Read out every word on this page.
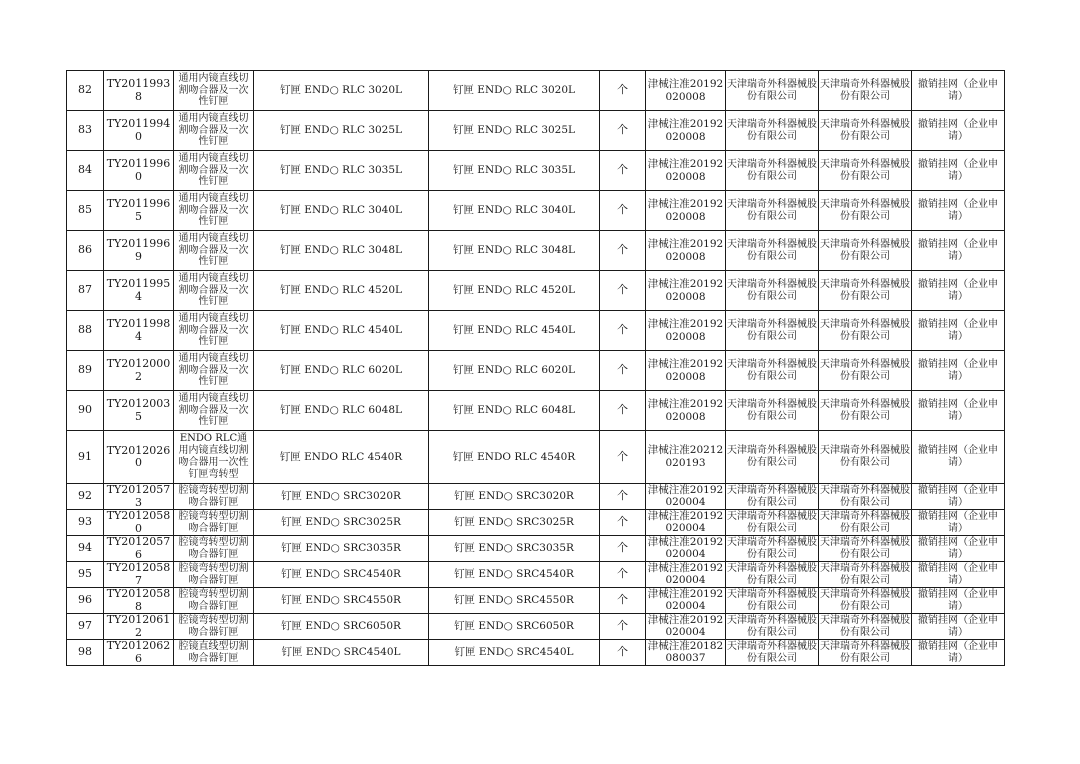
82	TY20119938	通用内镜直线切割吻合器及一次性钉匣	钉匣 END○ RLC 3020L	钉匣 END○ RLC 3020L	个	津械注准20192020008	天津瑞奇外科器械股份有限公司	天津瑞奇外科器械股份有限公司	撤销挂网（企业申请）
83	TY20119940	通用内镜直线切割吻合器及一次性钉匣	钉匣 END○ RLC 3025L	钉匣 END○ RLC 3025L	个	津械注准20192020008	天津瑞奇外科器械股份有限公司	天津瑞奇外科器械股份有限公司	撤销挂网（企业申请）
84	TY20119960	通用内镜直线切割吻合器及一次性钉匣	钉匣 END○ RLC 3035L	钉匣 END○ RLC 3035L	个	津械注准20192020008	天津瑞奇外科器械股份有限公司	天津瑞奇外科器械股份有限公司	撤销挂网（企业申请）
85	TY20119965	通用内镜直线切割吻合器及一次性钉匣	钉匣 END○ RLC 3040L	钉匣 END○ RLC 3040L	个	津械注准20192020008	天津瑞奇外科器械股份有限公司	天津瑞奇外科器械股份有限公司	撤销挂网（企业申请）
86	TY20119969	通用内镜直线切割吻合器及一次性钉匣	钉匣 END○ RLC 3048L	钉匣 END○ RLC 3048L	个	津械注准20192020008	天津瑞奇外科器械股份有限公司	天津瑞奇外科器械股份有限公司	撤销挂网（企业申请）
87	TY20119954	通用内镜直线切割吻合器及一次性钉匣	钉匣 END○ RLC 4520L	钉匣 END○ RLC 4520L	个	津械注准20192020008	天津瑞奇外科器械股份有限公司	天津瑞奇外科器械股份有限公司	撤销挂网（企业申请）
88	TY20119984	通用内镜直线切割吻合器及一次性钉匣	钉匣 END○ RLC 4540L	钉匣 END○ RLC 4540L	个	津械注准20192020008	天津瑞奇外科器械股份有限公司	天津瑞奇外科器械股份有限公司	撤销挂网（企业申请）
89	TY20120002	通用内镜直线切割吻合器及一次性钉匣	钉匣 END○ RLC 6020L	钉匣 END○ RLC 6020L	个	津械注准20192020008	天津瑞奇外科器械股份有限公司	天津瑞奇外科器械股份有限公司	撤销挂网（企业申请）
90	TY20120035	通用内镜直线切割吻合器及一次性钉匣	钉匣 END○ RLC 6048L	钉匣 END○ RLC 6048L	个	津械注准20192020008	天津瑞奇外科器械股份有限公司	天津瑞奇外科器械股份有限公司	撤销挂网（企业申请）
91	TY20120260	ENDO RLC通用内镜直线切割吻合器用一次性钉匣弯转型	钉匣 ENDO RLC 4540R	钉匣 ENDO RLC 4540R	个	津械注准20212020193	天津瑞奇外科器械股份有限公司	天津瑞奇外科器械股份有限公司	撤销挂网（企业申请）
92	TY20120573	腔镜弯转型切割吻合器钉匣	钉匣 END○ SRC3020R	钉匣 END○ SRC3020R	个	津械注准20192020004	天津瑞奇外科器械股份有限公司	天津瑞奇外科器械股份有限公司	撤销挂网（企业申请）
93	TY20120580	腔镜弯转型切割吻合器钉匣	钉匣 END○ SRC3025R	钉匣 END○ SRC3025R	个	津械注准20192020004	天津瑞奇外科器械股份有限公司	天津瑞奇外科器械股份有限公司	撤销挂网（企业申请）
94	TY20120576	腔镜弯转型切割吻合器钉匣	钉匣 END○ SRC3035R	钉匣 END○ SRC3035R	个	津械注准20192020004	天津瑞奇外科器械股份有限公司	天津瑞奇外科器械股份有限公司	撤销挂网（企业申请）
95	TY20120587	腔镜弯转型切割吻合器钉匣	钉匣 END○ SRC4540R	钉匣 END○ SRC4540R	个	津械注准20192020004	天津瑞奇外科器械股份有限公司	天津瑞奇外科器械股份有限公司	撤销挂网（企业申请）
96	TY20120588	腔镜弯转型切割吻合器钉匣	钉匣 END○ SRC4550R	钉匣 END○ SRC4550R	个	津械注准20192020004	天津瑞奇外科器械股份有限公司	天津瑞奇外科器械股份有限公司	撤销挂网（企业申请）
97	TY20120612	腔镜弯转型切割吻合器钉匣	钉匣 END○ SRC6050R	钉匣 END○ SRC6050R	个	津械注准20192020004	天津瑞奇外科器械股份有限公司	天津瑞奇外科器械股份有限公司	撤销挂网（企业申请）
98	TY20120626	腔镜直线型切割吻合器钉匣	钉匣 END○ SRC4540L	钉匣 END○ SRC4540L	个	津械注准20182080037	天津瑞奇外科器械股份有限公司	天津瑞奇外科器械股份有限公司	撤销挂网（企业申请）
